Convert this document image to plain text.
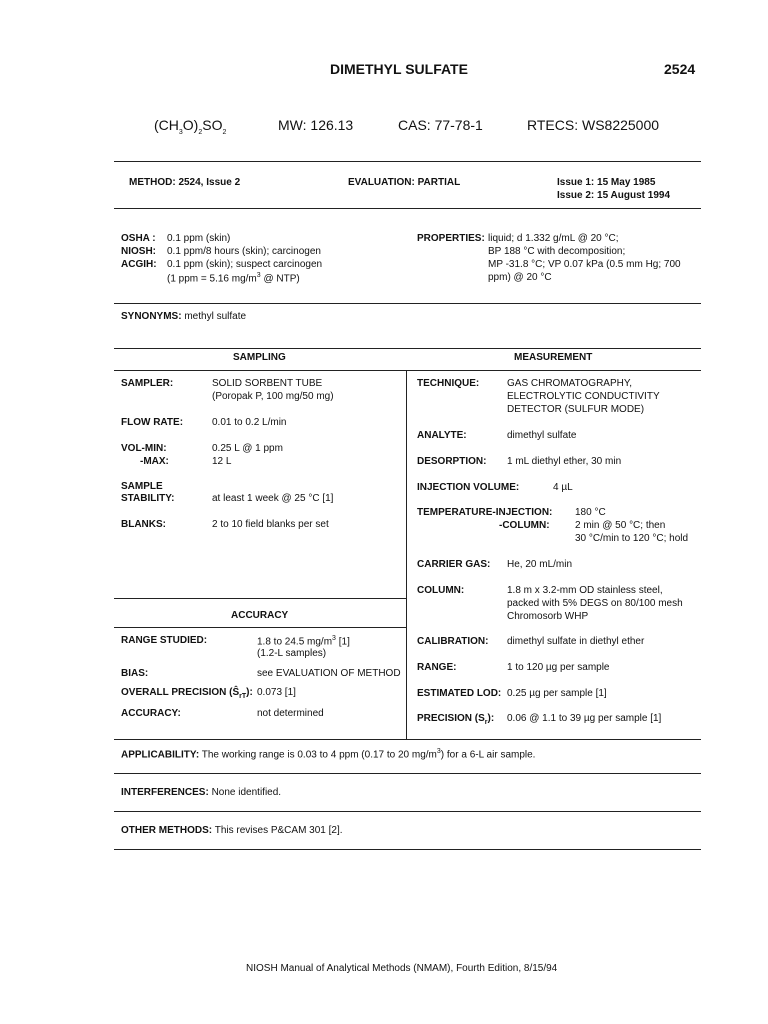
DIMETHYL SULFATE	2524
$(CH_3O)_2SO_2$	MW: 126.13	CAS: 77-78-1	RTECS: WS8225000
METHOD: 2524, Issue 2	EVALUATION: PARTIAL	Issue 1: 15 May 1985
Issue 2: 15 August 1994
OSHA : 0.1 ppm (skin)
NIOSH: 0.1 ppm/8 hours (skin); carcinogen
ACGIH: 0.1 ppm (skin); suspect carcinogen
(1 ppm = 5.16 $mg/m^3$ @ NTP)
PROPERTIES: liquid; d 1.332 g/mL @ 20 °C;
BP 188 °C with decomposition;
MP -31.8 °C; VP 0.07 kPa (0.5 mm Hg; 700
ppm) @ 20 °C
SYNONYMS: methyl sulfate
SAMPLING	MEASUREMENT
SAMPLER:	SOLID SORBENT TUBE
(Poropak P, 100 mg/50 mg)
FLOW RATE:	0.01 to 0.2 L/min
VOL-MIN:	0.25 L @ 1 ppm
-MAX:	12 L
SAMPLE
STABILITY:	at least 1 week @ 25 °C [1]
BLANKS:	2 to 10 field blanks per set
ACCURACY
RANGE STUDIED:	1.8 to 24.5 $mg/m^3$ [1]
(1.2-L samples)
BIAS:	see EVALUATION OF METHOD
OVERALL PRECISION $(Ŝ_{rT})$: 0.073 [1]
ACCURACY:	not determined
TECHNIQUE:	GAS CHROMATOGRAPHY,
ELECTROLYTIC CONDUCTIVITY
DETECTOR (SULFUR MODE)
ANALYTE:	dimethyl sulfate
DESORPTION: 1 mL diethyl ether, 30 min
INJECTION VOLUME:	4 µL
TEMPERATURE-INJECTION: 180 °C
-COLUMN:	2 min @ 50 °C; then
30 °C/min to 120 °C; hold
CARRIER GAS: He, 20 mL/min
COLUMN:	1.8 m x 3.2-mm OD stainless steel,
packed with 5% DEGS on 80/100 mesh
Chromosorb WHP
CALIBRATION: dimethyl sulfate in diethyl ether
RANGE:	1 to 120 µg per sample
ESTIMATED LOD: 0.25 µg per sample [1]
PRECISION $(S_r)$: 0.06 @ 1.1 to 39 µg per sample [1]
APPLICABILITY: The working range is 0.03 to 4 ppm (0.17 to 20 $mg/m^3$) for a 6-L air sample.
INTERFERENCES: None identified.
OTHER METHODS: This revises P&CAM 301 [2].
NIOSH Manual of Analytical Methods (NMAM), Fourth Edition, 8/15/94
